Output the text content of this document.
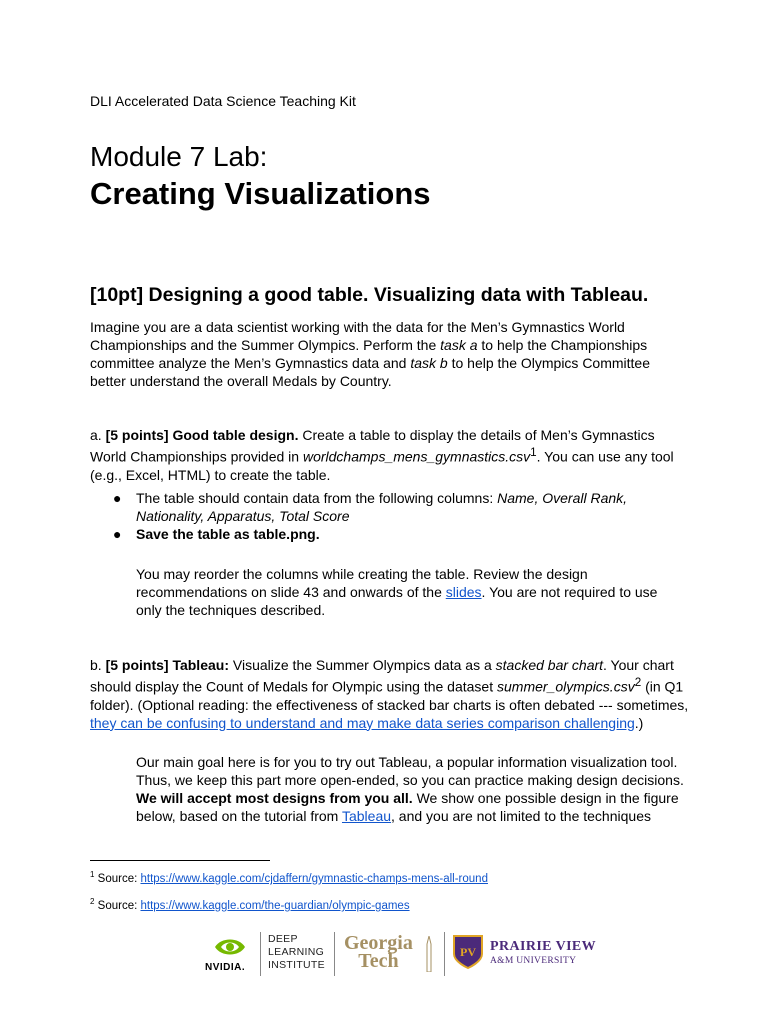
DLI Accelerated Data Science Teaching Kit
Module 7 Lab:
Creating Visualizations
[10pt] Designing a good table. Visualizing data with Tableau.
Imagine you are a data scientist working with the data for the Men’s Gymnastics World Championships and the Summer Olympics. Perform the task a to help the Championships committee analyze the Men’s Gymnastics data and task b to help the Olympics Committee better understand the overall Medals by Country.
a. [5 points] Good table design. Create a table to display the details of Men’s Gymnastics World Championships provided in worldchamps_mens_gymnastics.csv$^1$. You can use any tool (e.g., Excel, HTML) to create the table.
● The table should contain data from the following columns: Name, Overall Rank, Nationality, Apparatus, Total Score
● Save the table as table.png.
You may reorder the columns while creating the table. Review the design recommendations on slide 43 and onwards of the slides. You are not required to use only the techniques described.
b. [5 points] Tableau: Visualize the Summer Olympics data as a stacked bar chart. Your chart should display the Count of Medals for Olympic using the dataset summer_olympics.csv$^2$ (in Q1 folder). (Optional reading: the effectiveness of stacked bar charts is often debated --- sometimes, they can be confusing to understand and may make data series comparison challenging.)
Our main goal here is for you to try out Tableau, a popular information visualization tool. Thus, we keep this part more open-ended, so you can practice making design decisions. We will accept most designs from you all. We show one possible design in the figure below, based on the tutorial from Tableau, and you are not limited to the techniques
$^1$ Source: https://www.kaggle.com/cjdaffern/gymnastic-champs-mens-all-round
$^2$ Source: https://www.kaggle.com/the-guardian/olympic-games
NVIDIA.
DEEP
LEARNING
INSTITUTE
Georgia
Tech	PV PRAIRIE VIEW
A&M UNIVERSITY
